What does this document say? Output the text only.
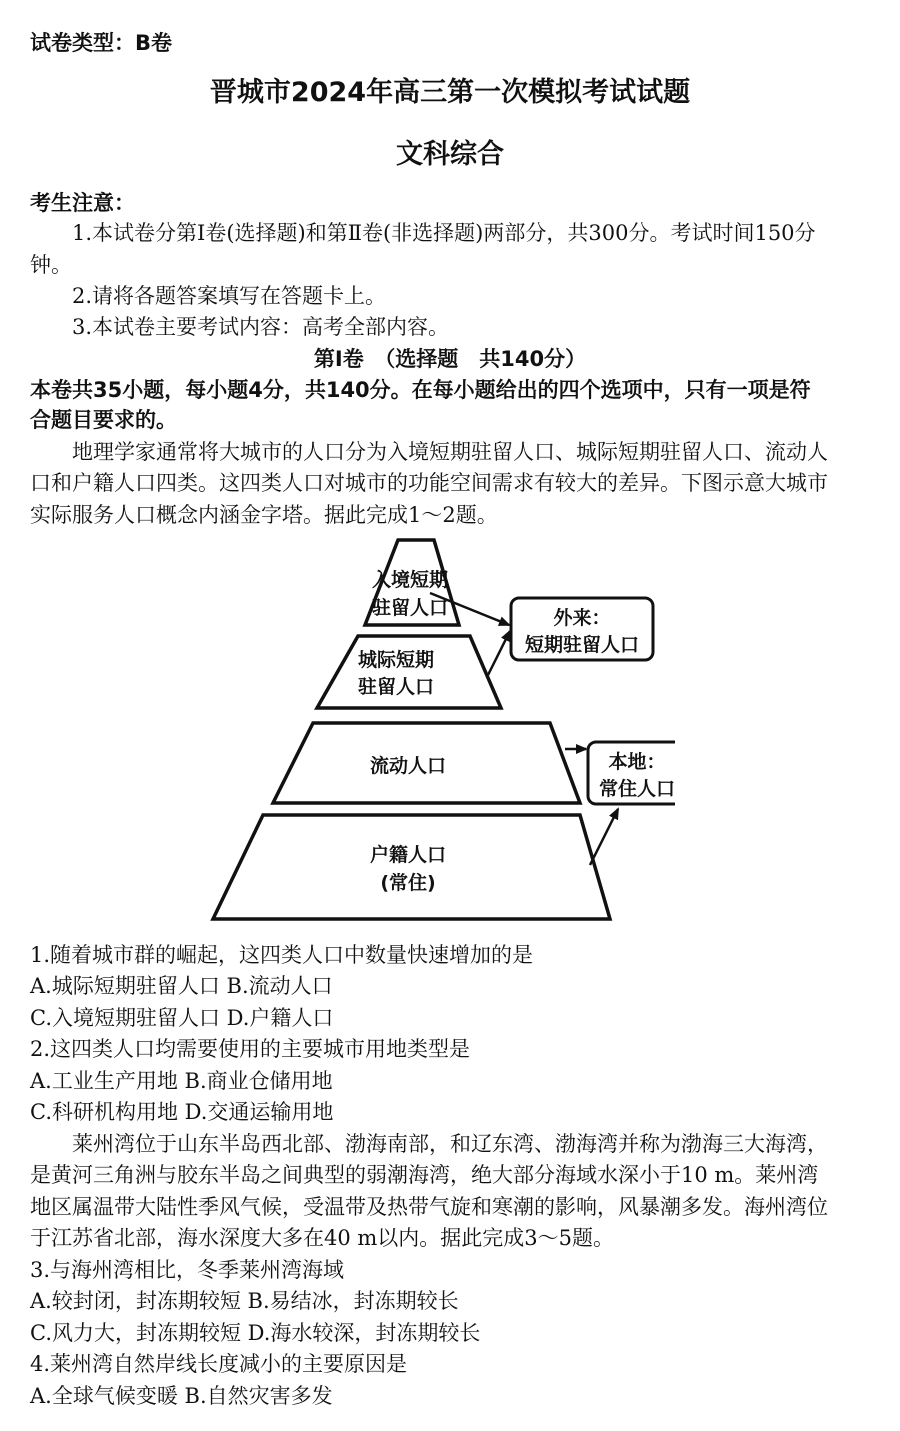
试卷类型：B卷
晋城市2024年高三第一次模拟考试试题
文科综合
考生注意：
1.本试卷分第Ⅰ卷(选择题)和第Ⅱ卷(非选择题)两部分，共300分。考试时间150分
钟。
2.请将各题答案填写在答题卡上。
3.本试卷主要考试内容：高考全部内容。
第Ⅰ卷　（选择题　共140分）
本卷共35小题，每小题4分，共140分。在每小题给出的四个选项中，只有一项是符
合题目要求的。
地理学家通常将大城市的人口分为入境短期驻留人口、城际短期驻留人口、流动人
口和户籍人口四类。这四类人口对城市的功能空间需求有较大的差异。下图示意大城市
实际服务人口概念内涵金字塔。据此完成1～2题。
入境短期
驻留人口
城际短期
驻留人口
流动人口
户籍人口
(常住)
外来：
短期驻留人口
本地：
常住人口
1.随着城市群的崛起，这四类人口中数量快速增加的是
A.城际短期驻留人口 B.流动人口
C.入境短期驻留人口 D.户籍人口
2.这四类人口均需要使用的主要城市用地类型是
A.工业生产用地 B.商业仓储用地
C.科研机构用地 D.交通运输用地
莱州湾位于山东半岛西北部、渤海南部，和辽东湾、渤海湾并称为渤海三大海湾，
是黄河三角洲与胶东半岛之间典型的弱潮海湾，绝大部分海域水深小于10 m。莱州湾
地区属温带大陆性季风气候，受温带及热带气旋和寒潮的影响，风暴潮多发。海州湾位
于江苏省北部，海水深度大多在40 m以内。据此完成3～5题。
3.与海州湾相比，冬季莱州湾海域
A.较封闭，封冻期较短 B.易结冰，封冻期较长
C.风力大，封冻期较短 D.海水较深，封冻期较长
4.莱州湾自然岸线长度减小的主要原因是
A.全球气候变暖 B.自然灾害多发
